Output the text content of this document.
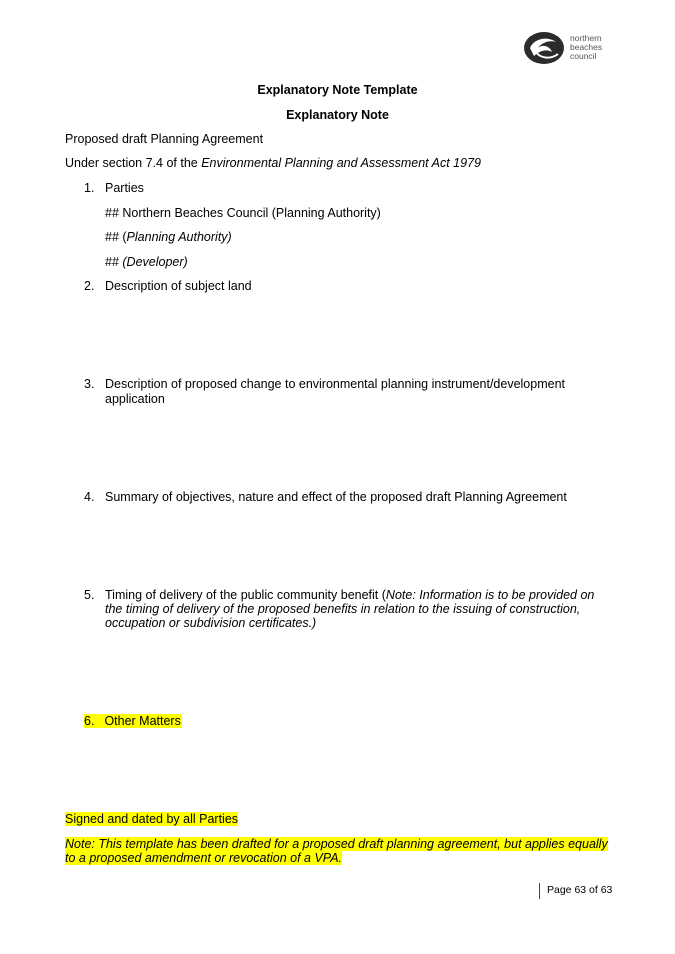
northern
beaches
council
Explanatory Note Template
Explanatory Note
Proposed draft Planning Agreement
Under section 7.4 of the Environmental Planning and Assessment Act 1979
1. Parties
## Northern Beaches Council (Planning Authority)
## (Planning Authority)
## (Developer)
2. Description of subject land
3. Description of proposed change to environmental planning instrument/development
application
4. Summary of objectives, nature and effect of the proposed draft Planning Agreement
5. Timing of delivery of the public community benefit (Note: Information is to be provided on
the timing of delivery of the proposed benefits in relation to the issuing of construction,
occupation or subdivision certificates.)
6. Other Matters
Signed and dated by all Parties
Note: This template has been drafted for a proposed draft planning agreement, but applies equally
to a proposed amendment or revocation of a VPA.
Page 63 of 63
